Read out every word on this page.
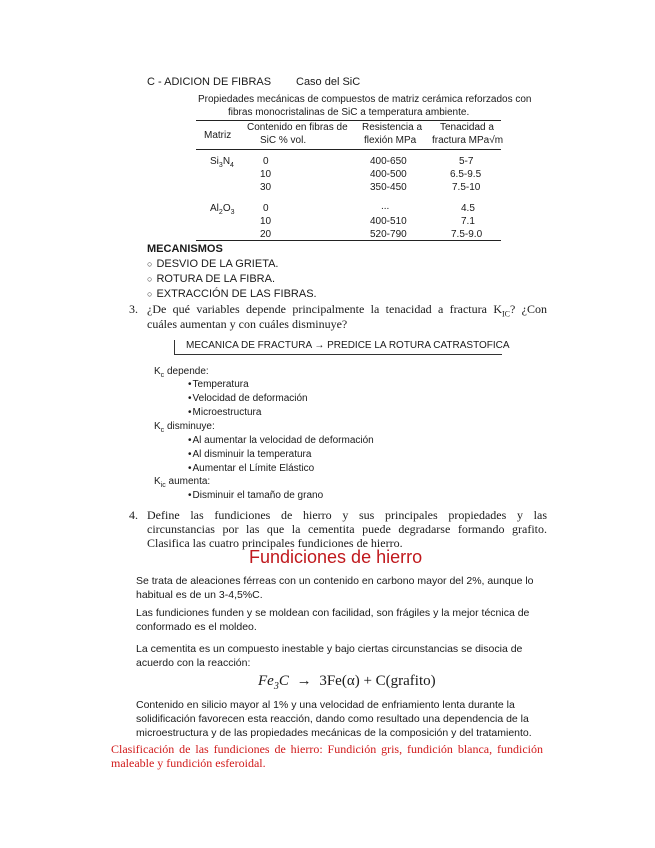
C - ADICION DE FIBRAS Caso del SiC
Propiedades mecánicas de compuestos de matriz cerámica reforzados con
fibras monocristalinas de SiC a temperatura ambiente.
Matriz
Contenido en fibras de
SiC % vol.
Resistencia a
flexión MPa
Tenacidad a
fractura MPa√m
$Si_3N_4$
$Al_2O_3$
0
10
30
0
10
20
400-650
400-500
350-450
...
400-510
520-790
5-7
6.5-9.5
7.5-10
4.5
7.1
7.5-9.0
MECANISMOS
○ DESVIO DE LA GRIETA.
○ ROTURA DE LA FIBRA.
○ EXTRACCIÓN DE LAS FIBRAS.
3. ¿De qué variables depende principalmente la tenacidad a fractura $K_{IC}$? ¿Con
cuáles aumentan y con cuáles disminuye?
MECANICA DE FRACTURA → PREDICE LA ROTURA CATRASTOFICA
$K_c$ depende:
• Temperatura
• Velocidad de deformación
• Microestructura
$K_c$ disminuye:
• Al aumentar la velocidad de deformación
• Al disminuir la temperatura
• Aumentar el Límite Elástico
$K_{ic}$ aumenta:
• Disminuir el tamaño de grano
4. Define las fundiciones de hierro y sus principales propiedades y las
circunstancias por las que la cementita puede degradarse formando grafito.
Clasifica las cuatro principales fundiciones de hierro.
Fundiciones de hierro
Se trata de aleaciones férreas con un contenido en carbono mayor del 2%, aunque lo
habitual es de un 3-4,5%C.
Las fundiciones funden y se moldean con facilidad, son frágiles y la mejor técnica de
conformado es el moldeo.
La cementita es un compuesto inestable y bajo ciertas circunstancias se disocia de
acuerdo con la reacción:
$Fe_3C \to 3Fe(\alpha)$ + C(grafito)
Contenido en silicio mayor al 1% y una velocidad de enfriamiento lenta durante la
solidificación favorecen esta reacción, dando como resultado una dependencia de la
microestructura y de las propiedades mecánicas de la composición y del tratamiento.
Clasificación de las fundiciones de hierro: Fundición gris, fundición blanca, fundición
maleable y fundición esferoidal.
